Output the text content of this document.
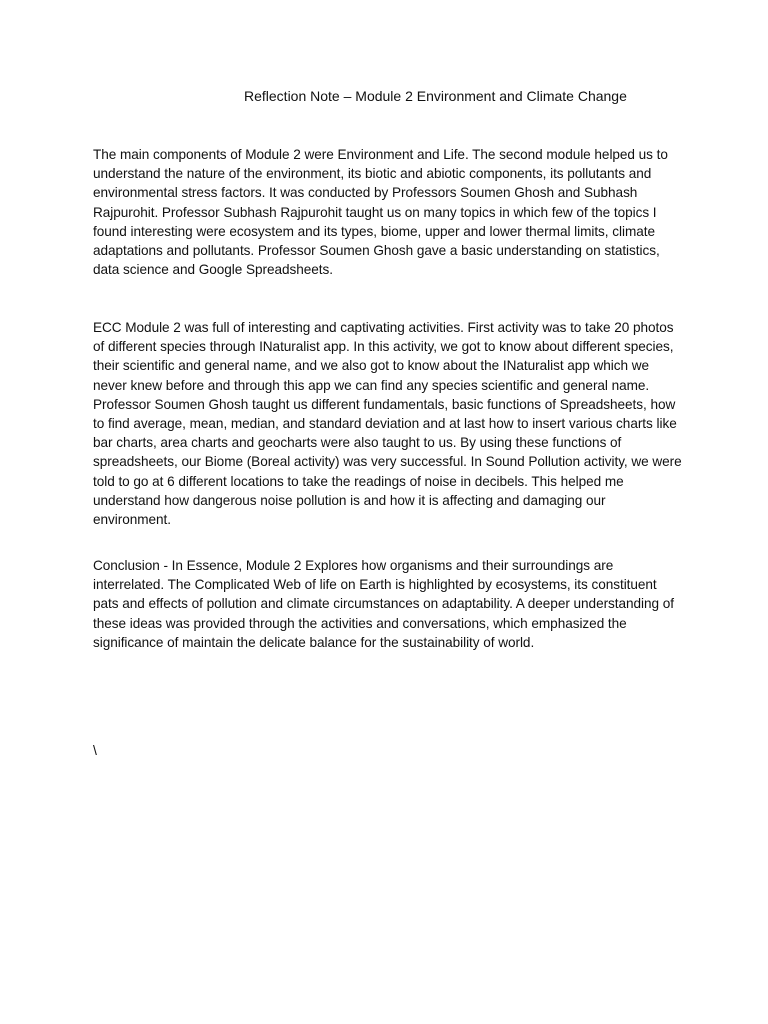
Reflection Note – Module 2 Environment and Climate Change

The main components of Module 2 were Environment and Life. The second module helped us to understand the nature of the environment, its biotic and abiotic components, its pollutants and environmental stress factors. It was conducted by Professors Soumen Ghosh and Subhash Rajpurohit. Professor Subhash Rajpurohit taught us on many topics in which few of the topics I found interesting were ecosystem and its types, biome, upper and lower thermal limits, climate adaptations and pollutants. Professor Soumen Ghosh gave a basic understanding on statistics, data science and Google Spreadsheets.

ECC Module 2 was full of interesting and captivating activities. First activity was to take 20 photos of different species through INaturalist app. In this activity, we got to know about different species, their scientific and general name, and we also got to know about the INaturalist app which we never knew before and through this app we can find any species scientific and general name. Professor Soumen Ghosh taught us different fundamentals, basic functions of Spreadsheets, how to find average, mean, median, and standard deviation and at last how to insert various charts like bar charts, area charts and geocharts were also taught to us. By using these functions of spreadsheets, our Biome (Boreal activity) was very successful. In Sound Pollution activity, we were told to go at 6 different locations to take the readings of noise in decibels. This helped me understand how dangerous noise pollution is and how it is affecting and damaging our environment.

Conclusion - In Essence, Module 2 Explores how organisms and their surroundings are interrelated. The Complicated Web of life on Earth is highlighted by ecosystems, its constituent pats and effects of pollution and climate circumstances on adaptability. A deeper understanding of these ideas was provided through the activities and conversations, which emphasized the significance of maintain the delicate balance for the sustainability of world.

\
